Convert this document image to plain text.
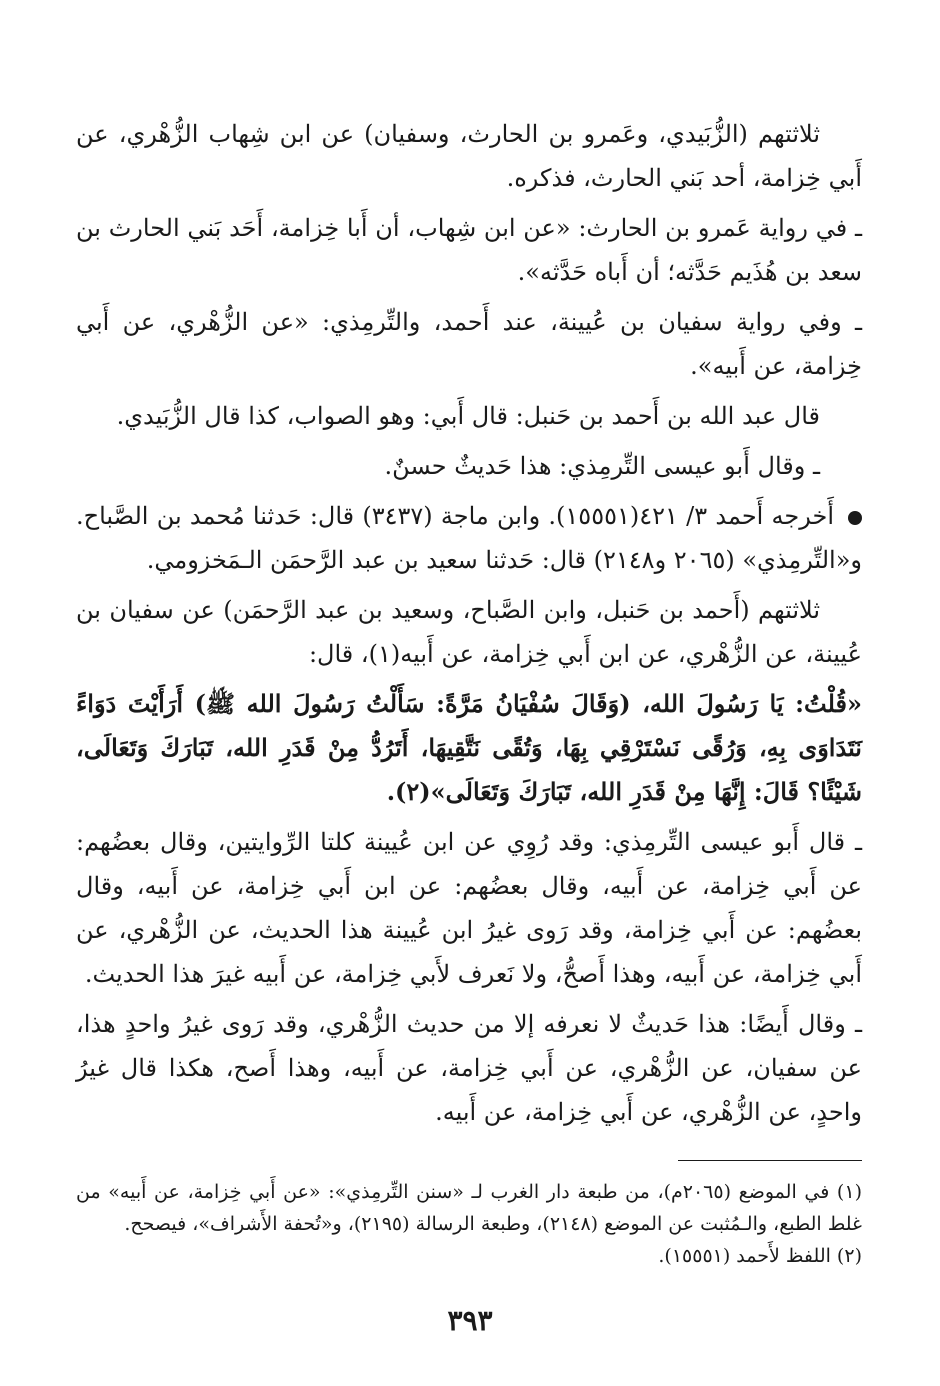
ثلاثتهم (الزُّبَيدي، وعَمرو بن الحارث، وسفيان) عن ابن شِهاب الزُّهْري، عن أَبي خِزامة، أحد بَني الحارث، فذكره.

ـ في رواية عَمرو بن الحارث: «عن ابن شِهاب، أن أَبا خِزامة، أَحَد بَني الحارث بن سعد بن هُذَيم حَدَّثه؛ أن أَباه حَدَّثه».

ـ وفي رواية سفيان بن عُيينة، عند أَحمد، والتِّرمِذي: «عن الزُّهْري، عن أَبي خِزامة، عن أَبيه».

قال عبد الله بن أَحمد بن حَنبل: قال أَبي: وهو الصواب، كذا قال الزُّبَيدي.

ـ وقال أَبو عيسى التِّرمِذي: هذا حَديثٌ حسنٌ.

أَخرجه أَحمد ٣/ ٤٢١(١٥٥٥١). وابن ماجة (٣٤٣٧) قال: حَدثنا مُحمد بن الصَّباح. و«التِّرمِذي» (٢٠٦٥ و٢١٤٨) قال: حَدثنا سعيد بن عبد الرَّحمَن الـمَخزومي.

ثلاثتهم (أَحمد بن حَنبل، وابن الصَّباح، وسعيد بن عبد الرَّحمَن) عن سفيان بن عُيينة، عن الزُّهْري، عن ابن أَبي خِزامة، عن أَبيه(١)، قال:

«قُلْتُ: يَا رَسُولَ الله، (وَقَالَ سُفْيَانُ مَرَّةً: سَأَلْتُ رَسُولَ الله ﷺ) أَرَأَيْتَ دَوَاءً نَتَدَاوَى بِهِ، وَرُقًى نَسْتَرْقِي بِهَا، وَتُقًى نَتَّقِيهَا، أَتَرُدُّ مِنْ قَدَرِ الله، تَبَارَكَ وَتَعَالَى، شَيْئًا؟ قَالَ: إِنَّهَا مِنْ قَدَرِ الله، تَبَارَكَ وَتَعَالَى»(٢).

ـ قال أَبو عيسى التِّرمِذي: وقد رُوِي عن ابن عُيينة كلتا الرِّوايتين، وقال بعضُهم: عن أَبي خِزامة، عن أَبيه، وقال بعضُهم: عن ابن أَبي خِزامة، عن أَبيه، وقال بعضُهم: عن أَبي خِزامة، وقد رَوى غيرُ ابن عُيينة هذا الحديث، عن الزُّهْري، عن أَبي خِزامة، عن أَبيه، وهذا أَصحُّ، ولا نَعرف لأَبي خِزامة، عن أَبيه غيرَ هذا الحديث.

ـ وقال أَيضًا: هذا حَديثٌ لا نعرفه إلا من حديث الزُّهْري، وقد رَوى غيرُ واحدٍ هذا، عن سفيان، عن الزُّهْري، عن أَبي خِزامة، عن أَبيه، وهذا أَصح، هكذا قال غيرُ واحدٍ، عن الزُّهْري، عن أَبي خِزامة، عن أَبيه.

(١) في الموضع (٢٠٦٥م)، من طبعة دار الغرب لـ «سنن التِّرمِذي»: «عن أَبي خِزامة، عن أَبيه» من غلط الطبع، والـمُثبت عن الموضع (٢١٤٨)، وطبعة الرسالة (٢١٩٥)، و«تُحفة الأَشراف»، فيصحح.

(٢) اللفظ لأَحمد (١٥٥٥١).

٣٩٣
